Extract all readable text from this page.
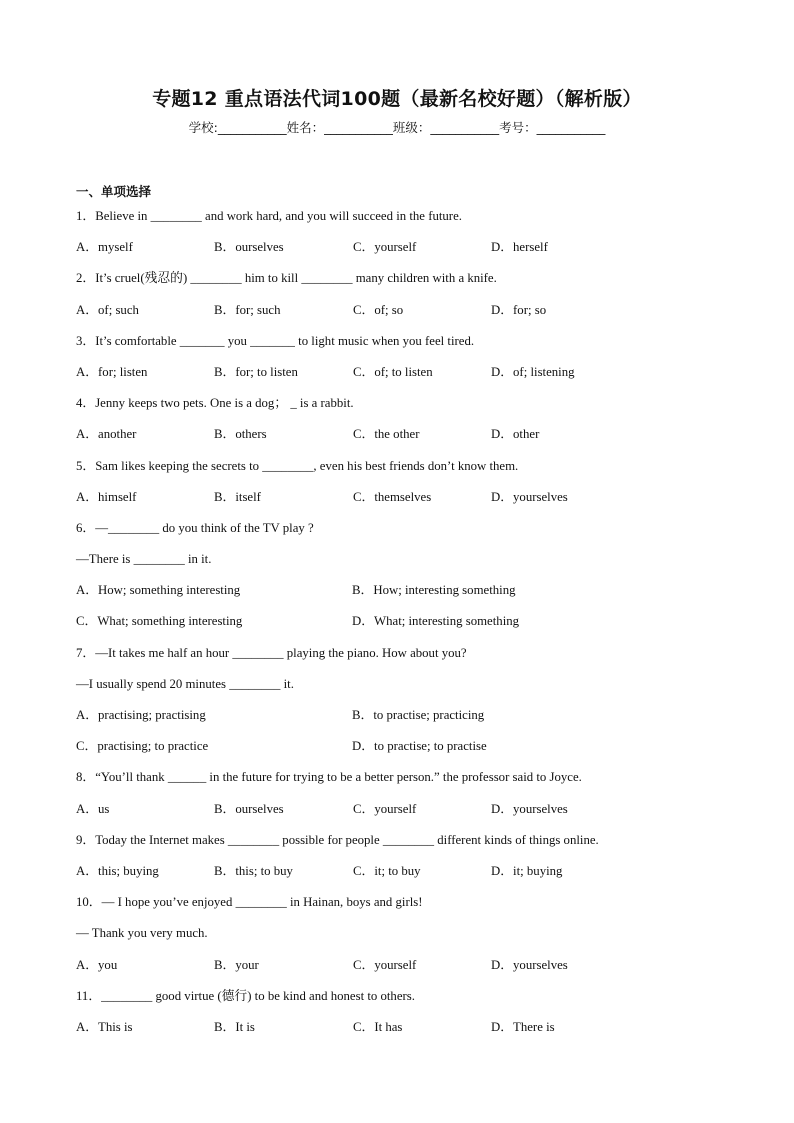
专题12 重点语法代词100题（最新名校好题）（解析版）
学校:___________姓名：___________班级：___________考号：___________
一、单项选择
1．Believe in ________ and work hard, and you will succeed in the future.
A．myself	B．ourselves	C．yourself	D．herself
2．It’s cruel(残忍的) ________ him to kill ________ many children with a knife.
A．of; such	B．for; such	C．of; so	D．for; so
3．It’s comfortable _______ you _______ to light music when you feel tired.
A．for; listen	B．for; to listen	C．of; to listen	D．of; listening
4．Jenny keeps two pets. One is a dog； _ is a rabbit.
A．another	B．others	C．the other	D．other
5．Sam likes keeping the secrets to ________, even his best friends don’t know them.
A．himself	B．itself	C．themselves	D．yourselves
6．—________ do you think of the TV play ?
—There is ________ in it.
A．How; something interesting	B．How; interesting something
C．What; something interesting	D．What; interesting something
7．—It takes me half an hour ________ playing the piano. How about you?
—I usually spend 20 minutes ________ it.
A．practising; practising	B．to practise; practicing
C．practising; to practice	D．to practise; to practise
8．“You’ll thank ______ in the future for trying to be a better person.” the professor said to Joyce.
A．us	B．ourselves	C．yourself	D．yourselves
9．Today the Internet makes ________ possible for people ________ different kinds of things online.
A．this; buying	B．this; to buy	C．it; to buy	D．it; buying
10．— I hope you’ve enjoyed ________ in Hainan, boys and girls!
— Thank you very much.
A．you	B．your	C．yourself	D．yourselves
11．________ good virtue (德行) to be kind and honest to others.
A．This is	B．It is	C．It has	D．There is
